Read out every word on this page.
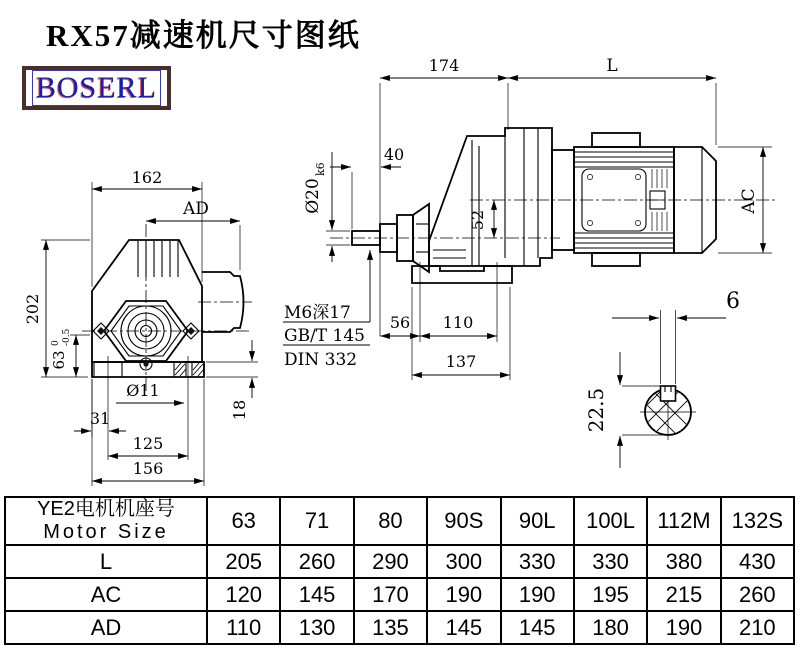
162
AD
202
63
0 -0.5
31
Ø11
125
156
18
174	L
40
Ø20
k6
52
56 110
137
AC
M6深17
GB/T 145
DIN 332
6
22.5
RX57减速机尺寸图纸
BOSERL
YE2电机机座号
Motor Size	63	71	80	90S	90L	100L	112M	132S
L	205	260	290	300	330	330	380	430
AC	120	145	170	190	190	195	215	260
AD	110	130	135	145	145	180	190	210
